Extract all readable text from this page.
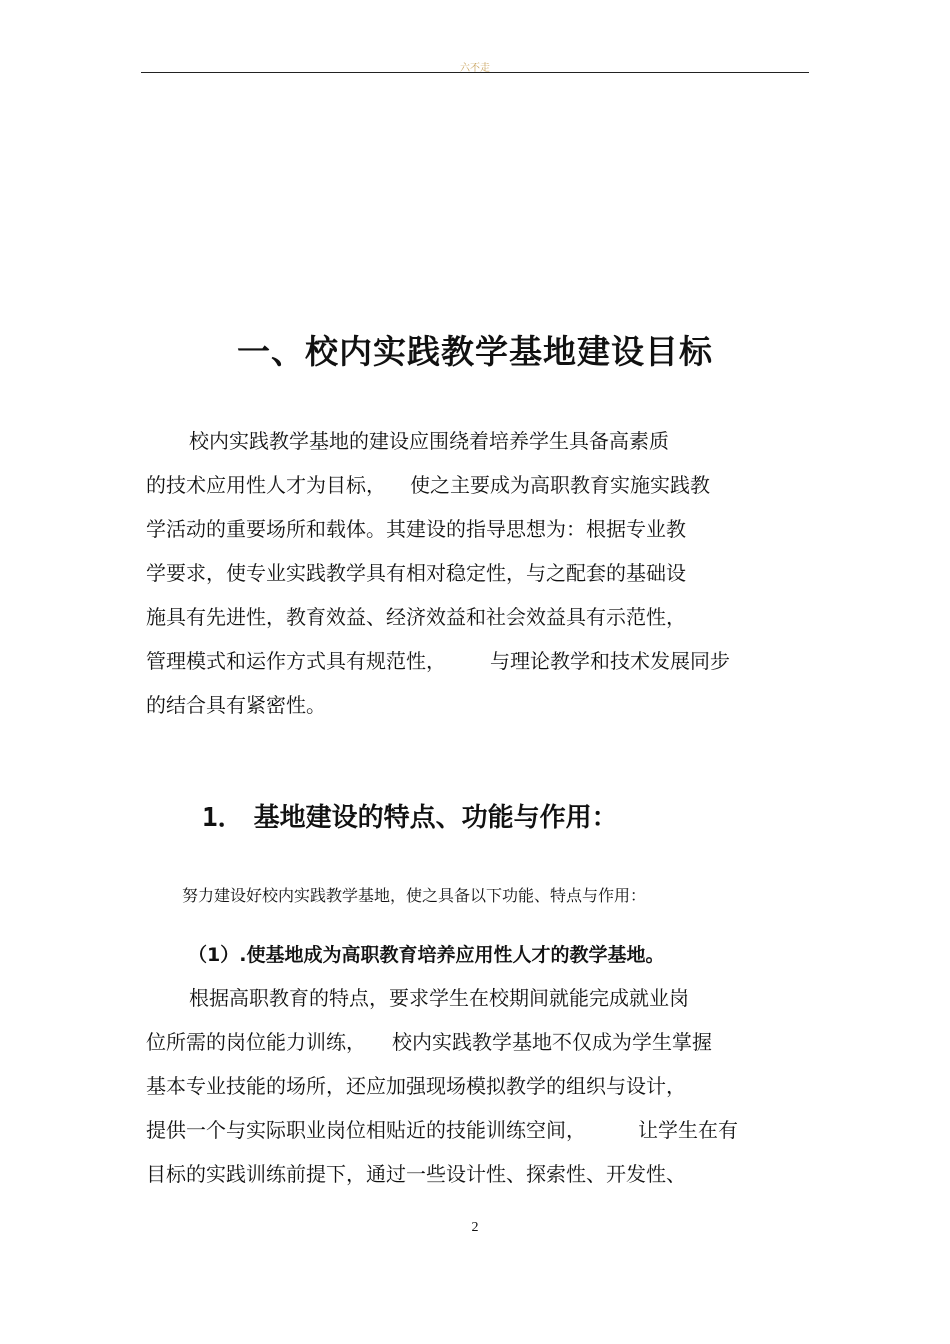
六不走
一、校内实践教学基地建设目标
校内实践教学基地的建设应围绕着培养学生具备高素质
的技术应用性人才为目标， 使之主要成为高职教育实施实践教
学活动的重要场所和载体。其建设的指导思想为：根据专业教
学要求，使专业实践教学具有相对稳定性，与之配套的基础设
施具有先进性，教育效益、经济效益和社会效益具有示范性，
管理模式和运作方式具有规范性， 与理论教学和技术发展同步
的结合具有紧密性。
1． 基地建设的特点、功能与作用：
努力建设好校内实践教学基地，使之具备以下功能、特点与作用：
（1）.使基地成为高职教育培养应用性人才的教学基地。
根据高职教育的特点，要求学生在校期间就能完成就业岗
位所需的岗位能力训练， 校内实践教学基地不仅成为学生掌握
基本专业技能的场所，还应加强现场模拟教学的组织与设计，
提供一个与实际职业岗位相贴近的技能训练空间，	让学生在有
目标的实践训练前提下，通过一些设计性、探索性、开发性、
2
